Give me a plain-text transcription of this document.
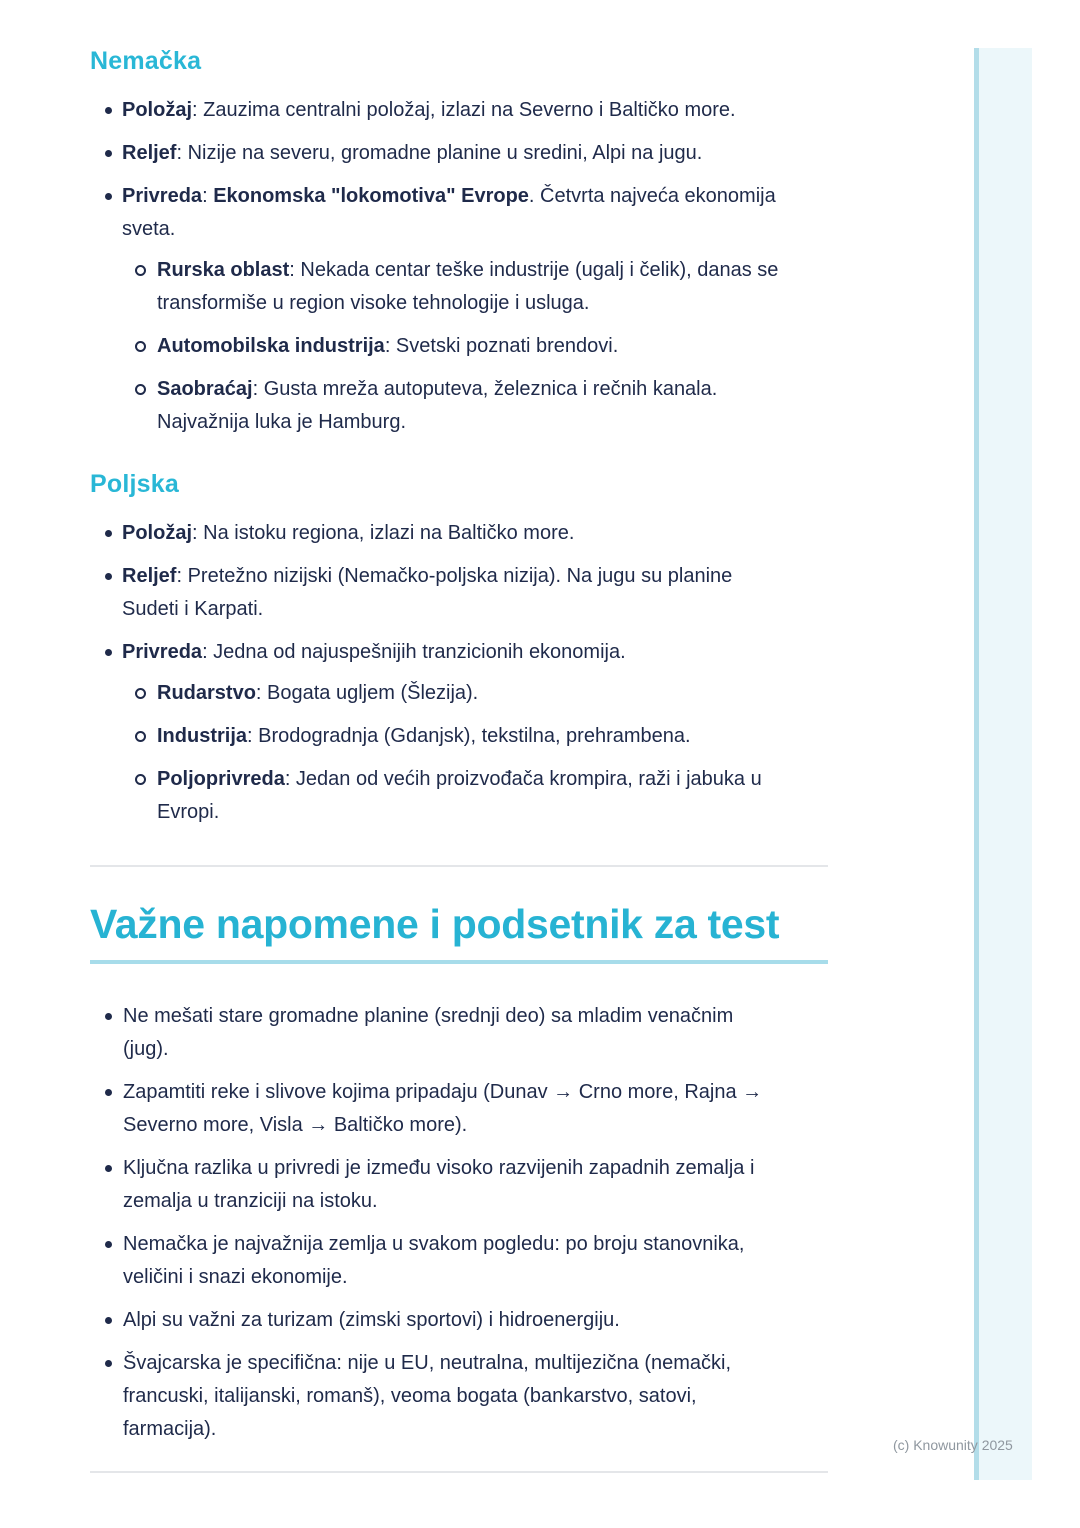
Nemačka
Položaj: Zauzima centralni položaj, izlazi na Severno i Baltičko more.
Reljef: Nizije na severu, gromadne planine u sredini, Alpi na jugu.
Privreda: Ekonomska "lokomotiva" Evrope. Četvrta najveća ekonomija sveta.
Rurska oblast: Nekada centar teške industrije (ugalj i čelik), danas se transformiše u region visoke tehnologije i usluga.
Automobilska industrija: Svetski poznati brendovi.
Saobraćaj: Gusta mreža autoputeva, železnica i rečnih kanala. Najvažnija luka je Hamburg.
Poljska
Položaj: Na istoku regiona, izlazi na Baltičko more.
Reljef: Pretežno nizijski (Nemačko-poljska nizija). Na jugu su planine Sudeti i Karpati.
Privreda: Jedna od najuspešnijih tranzicionih ekonomija.
Rudarstvo: Bogata ugljem (Šlezija).
Industrija: Brodogradnja (Gdanjsk), tekstilna, prehrambena.
Poljoprivreda: Jedan od većih proizvođača krompira, raži i jabuka u Evropi.
Važne napomene i podsetnik za test
Ne mešati stare gromadne planine (srednji deo) sa mladim venačnim (jug).
Zapamtiti reke i slivove kojima pripadaju (Dunav → Crno more, Rajna → Severno more, Visla → Baltičko more).
Ključna razlika u privredi je između visoko razvijenih zapadnih zemalja i zemalja u tranziciji na istoku.
Nemačka je najvažnija zemlja u svakom pogledu: po broju stanovnika, veličini i snazi ekonomije.
Alpi su važni za turizam (zimski sportovi) i hidroenergiju.
Švajcarska je specifična: nije u EU, neutralna, multijezična (nemački, francuski, italijanski, romanš), veoma bogata (bankarstvo, satovi, farmacija).
(c) Knowunity 2025
